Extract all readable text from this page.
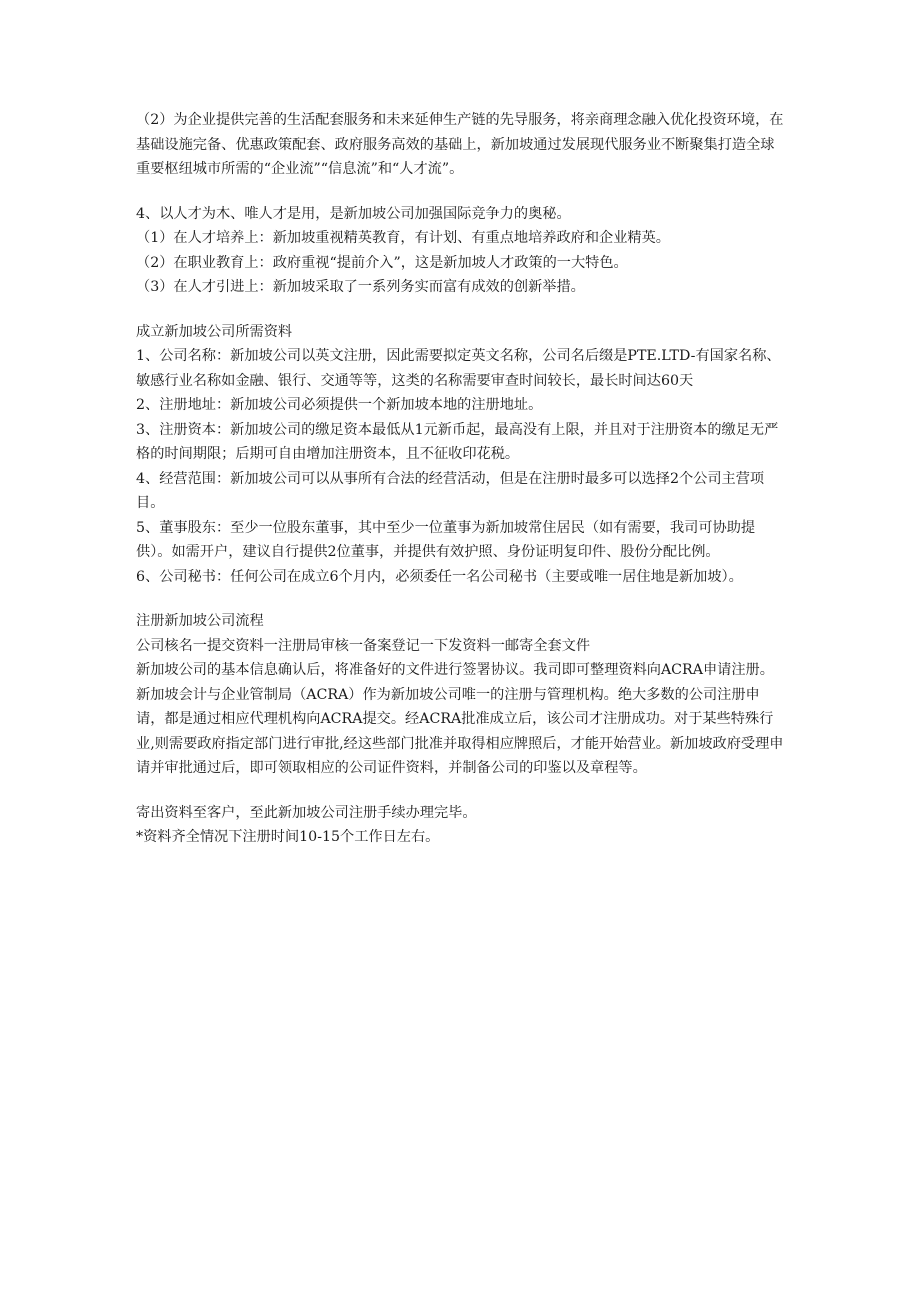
（2）为企业提供完善的生活配套服务和未来延伸生产链的先导服务，将亲商理念融入优化投资环境，在基础设施完备、优惠政策配套、政府服务高效的基础上，新加坡通过发展现代服务业不断聚集打造全球重要枢纽城市所需的“企业流”“信息流”和“人才流”。

4、以人才为木、唯人才是用，是新加坡公司加强国际竞争力的奥秘。

（1）在人才培养上：新加坡重视精英教育，有计划、有重点地培养政府和企业精英。

（2）在职业教育上：政府重视“提前介入”，这是新加坡人才政策的一大特色。

（3）在人才引进上：新加坡采取了一系列务实而富有成效的创新举措。

成立新加坡公司所需资料

1、公司名称：新加坡公司以英文注册，因此需要拟定英文名称，公司名后缀是PTE.LTD-有国家名称、敏感行业名称如金融、银行、交通等等，这类的名称需要审查时间较长，最长时间达60天

2、注册地址：新加坡公司必须提供一个新加坡本地的注册地址。

3、注册资本：新加坡公司的缴足资本最低从1元新币起，最高没有上限，并且对于注册资本的缴足无严格的时间期限；后期可自由增加注册资本，且不征收印花税。

4、经营范围：新加坡公司可以从事所有合法的经营活动，但是在注册时最多可以选择2个公司主营项目。

5、董事股东：至少一位股东董事，其中至少一位董事为新加坡常住居民（如有需要，我司可协助提供）。如需开户，建议自行提供2位董事，并提供有效护照、身份证明复印件、股份分配比例。

6、公司秘书：任何公司在成立6个月内，必须委任一名公司秘书（主要或唯一居住地是新加坡）。

注册新加坡公司流程

公司核名一提交资料一注册局审核一备案登记一下发资料一邮寄全套文件

新加坡公司的基本信息确认后，将准备好的文件进行签署协议。我司即可整理资料向ACRA申请注册。

新加坡会计与企业管制局（ACRA）作为新加坡公司唯一的注册与管理机构。绝大多数的公司注册申请，都是通过相应代理机构向ACRA提交。经ACRA批准成立后，该公司才注册成功。对于某些特殊行业,则需要政府指定部门进行审批,经这些部门批准并取得相应牌照后，才能开始营业。新加坡政府受理申请并审批通过后，即可领取相应的公司证件资料，并制备公司的印鉴以及章程等。

寄出资料至客户，至此新加坡公司注册手续办理完毕。

*资料齐全情况下注册时间10-15个工作日左右。
